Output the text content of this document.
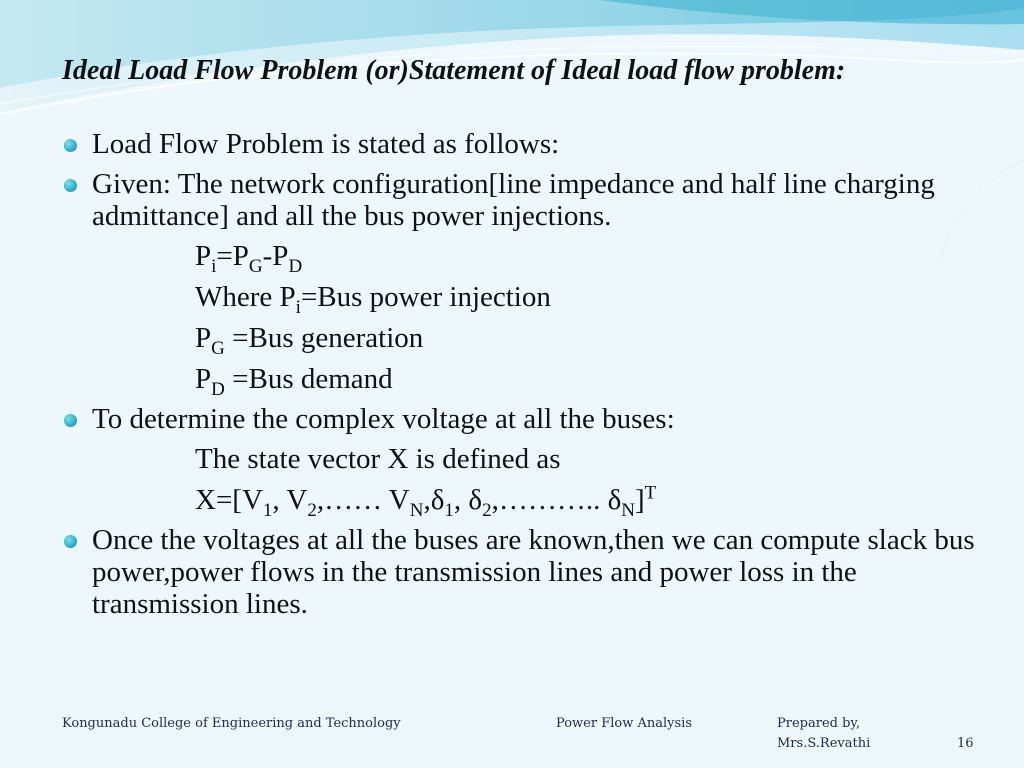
Ideal Load Flow Problem (or)Statement of Ideal load flow problem:
Load Flow Problem is stated as follows:
Given: The network configuration[line impedance and half line charging admittance] and all the bus power injections.
$P_i=P_G-P_D$
Where $P_i=Bus$ power injection
$P_G =Bus$ generation
$P_D =Bus$ demand
To determine the complex voltage at all the buses:
The state vector X is defined as
$X=[V_1$, $V_2,\dots\dots$ $V_N,\delta_1$, $\delta_2,\dots\dots\dots$.. $\delta_N]^T$
Once the voltages at all the buses are known,then we can compute slack bus power,power flows in the transmission lines and power loss in the transmission lines.
Kongunadu College of Engineering and Technology	Power Flow Analysis	Prepared by,
Mrs.S.Revathi	16
